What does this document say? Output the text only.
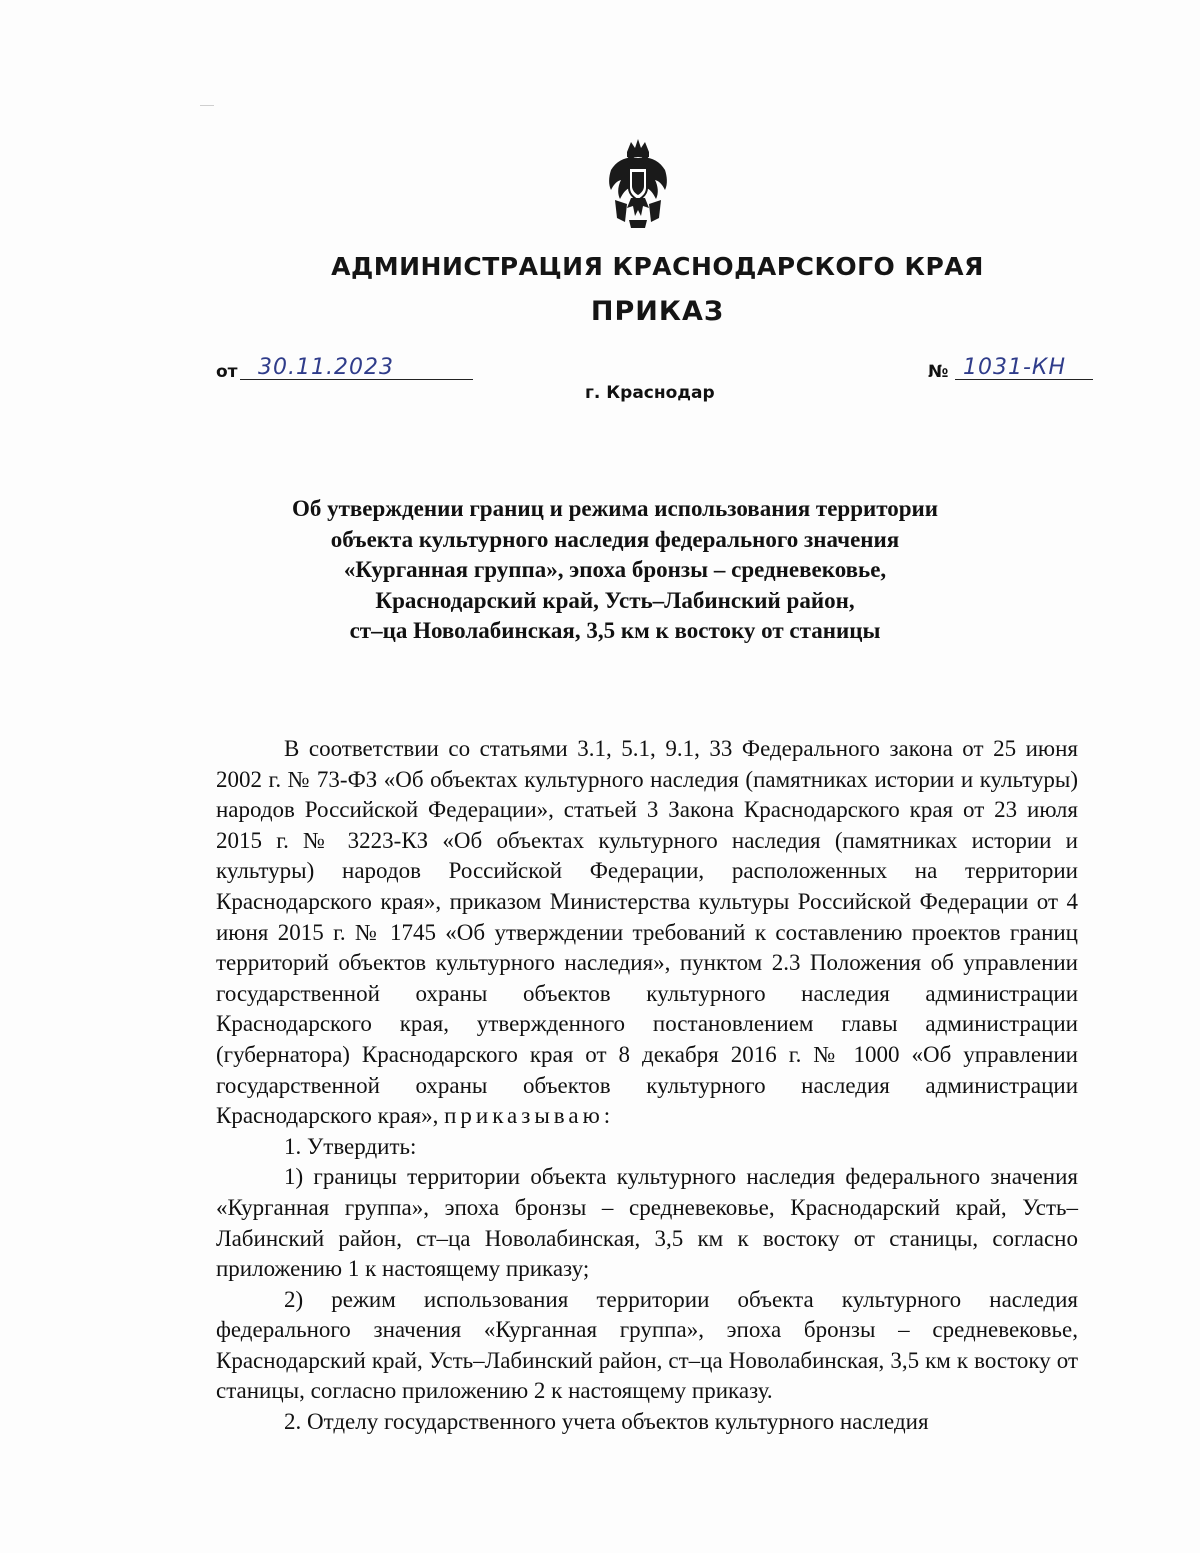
АДМИНИСТРАЦИЯ КРАСНОДАРСКОГО КРАЯ
ПРИКАЗ
от 30.11.2023	№ 1031-КН
г. Краснодар
Об утверждении границ и режима использования территории
объекта культурного наследия федерального значения
«Курганная группа», эпоха бронзы – средневековье,
Краснодарский край, Усть–Лабинский район,
ст–ца Новолабинская, 3,5 км к востоку от станицы

В соответствии со статьями 3.1, 5.1, 9.1, 33 Федерального закона от 25 июня 2002 г. № 73-ФЗ «Об объектах культурного наследия (памятниках истории и культуры) народов Российской Федерации», статьей 3 Закона Краснодарского края от 23 июля 2015 г. № 3223-КЗ «Об объектах культурного наследия (памятниках истории и культуры) народов Российской Федерации, расположенных на территории Краснодарского края», приказом Министерства культуры Российской Федерации от 4 июня 2015 г. № 1745 «Об утверждении требований к составлению проектов границ территорий объектов культурного наследия», пунктом 2.3 Положения об управлении государственной охраны объектов культурного наследия администрации Краснодарского края, утвержденного постановлением главы администрации (губернатора) Краснодарского края от 8 декабря 2016 г. № 1000 «Об управлении государственной охраны объектов культурного наследия администрации Краснодарского края», приказываю:

1. Утвердить:

1) границы территории объекта культурного наследия федерального значения «Курганная группа», эпоха бронзы – средневековье, Краснодарский край, Усть–Лабинский район, ст–ца Новолабинская, 3,5 км к востоку от станицы, согласно приложению 1 к настоящему приказу;

2) режим использования территории объекта культурного наследия федерального значения «Курганная группа», эпоха бронзы – средневековье, Краснодарский край, Усть–Лабинский район, ст–ца Новолабинская, 3,5 км к востоку от станицы, согласно приложению 2 к настоящему приказу.

2. Отделу государственного учета объектов культурного наследия
